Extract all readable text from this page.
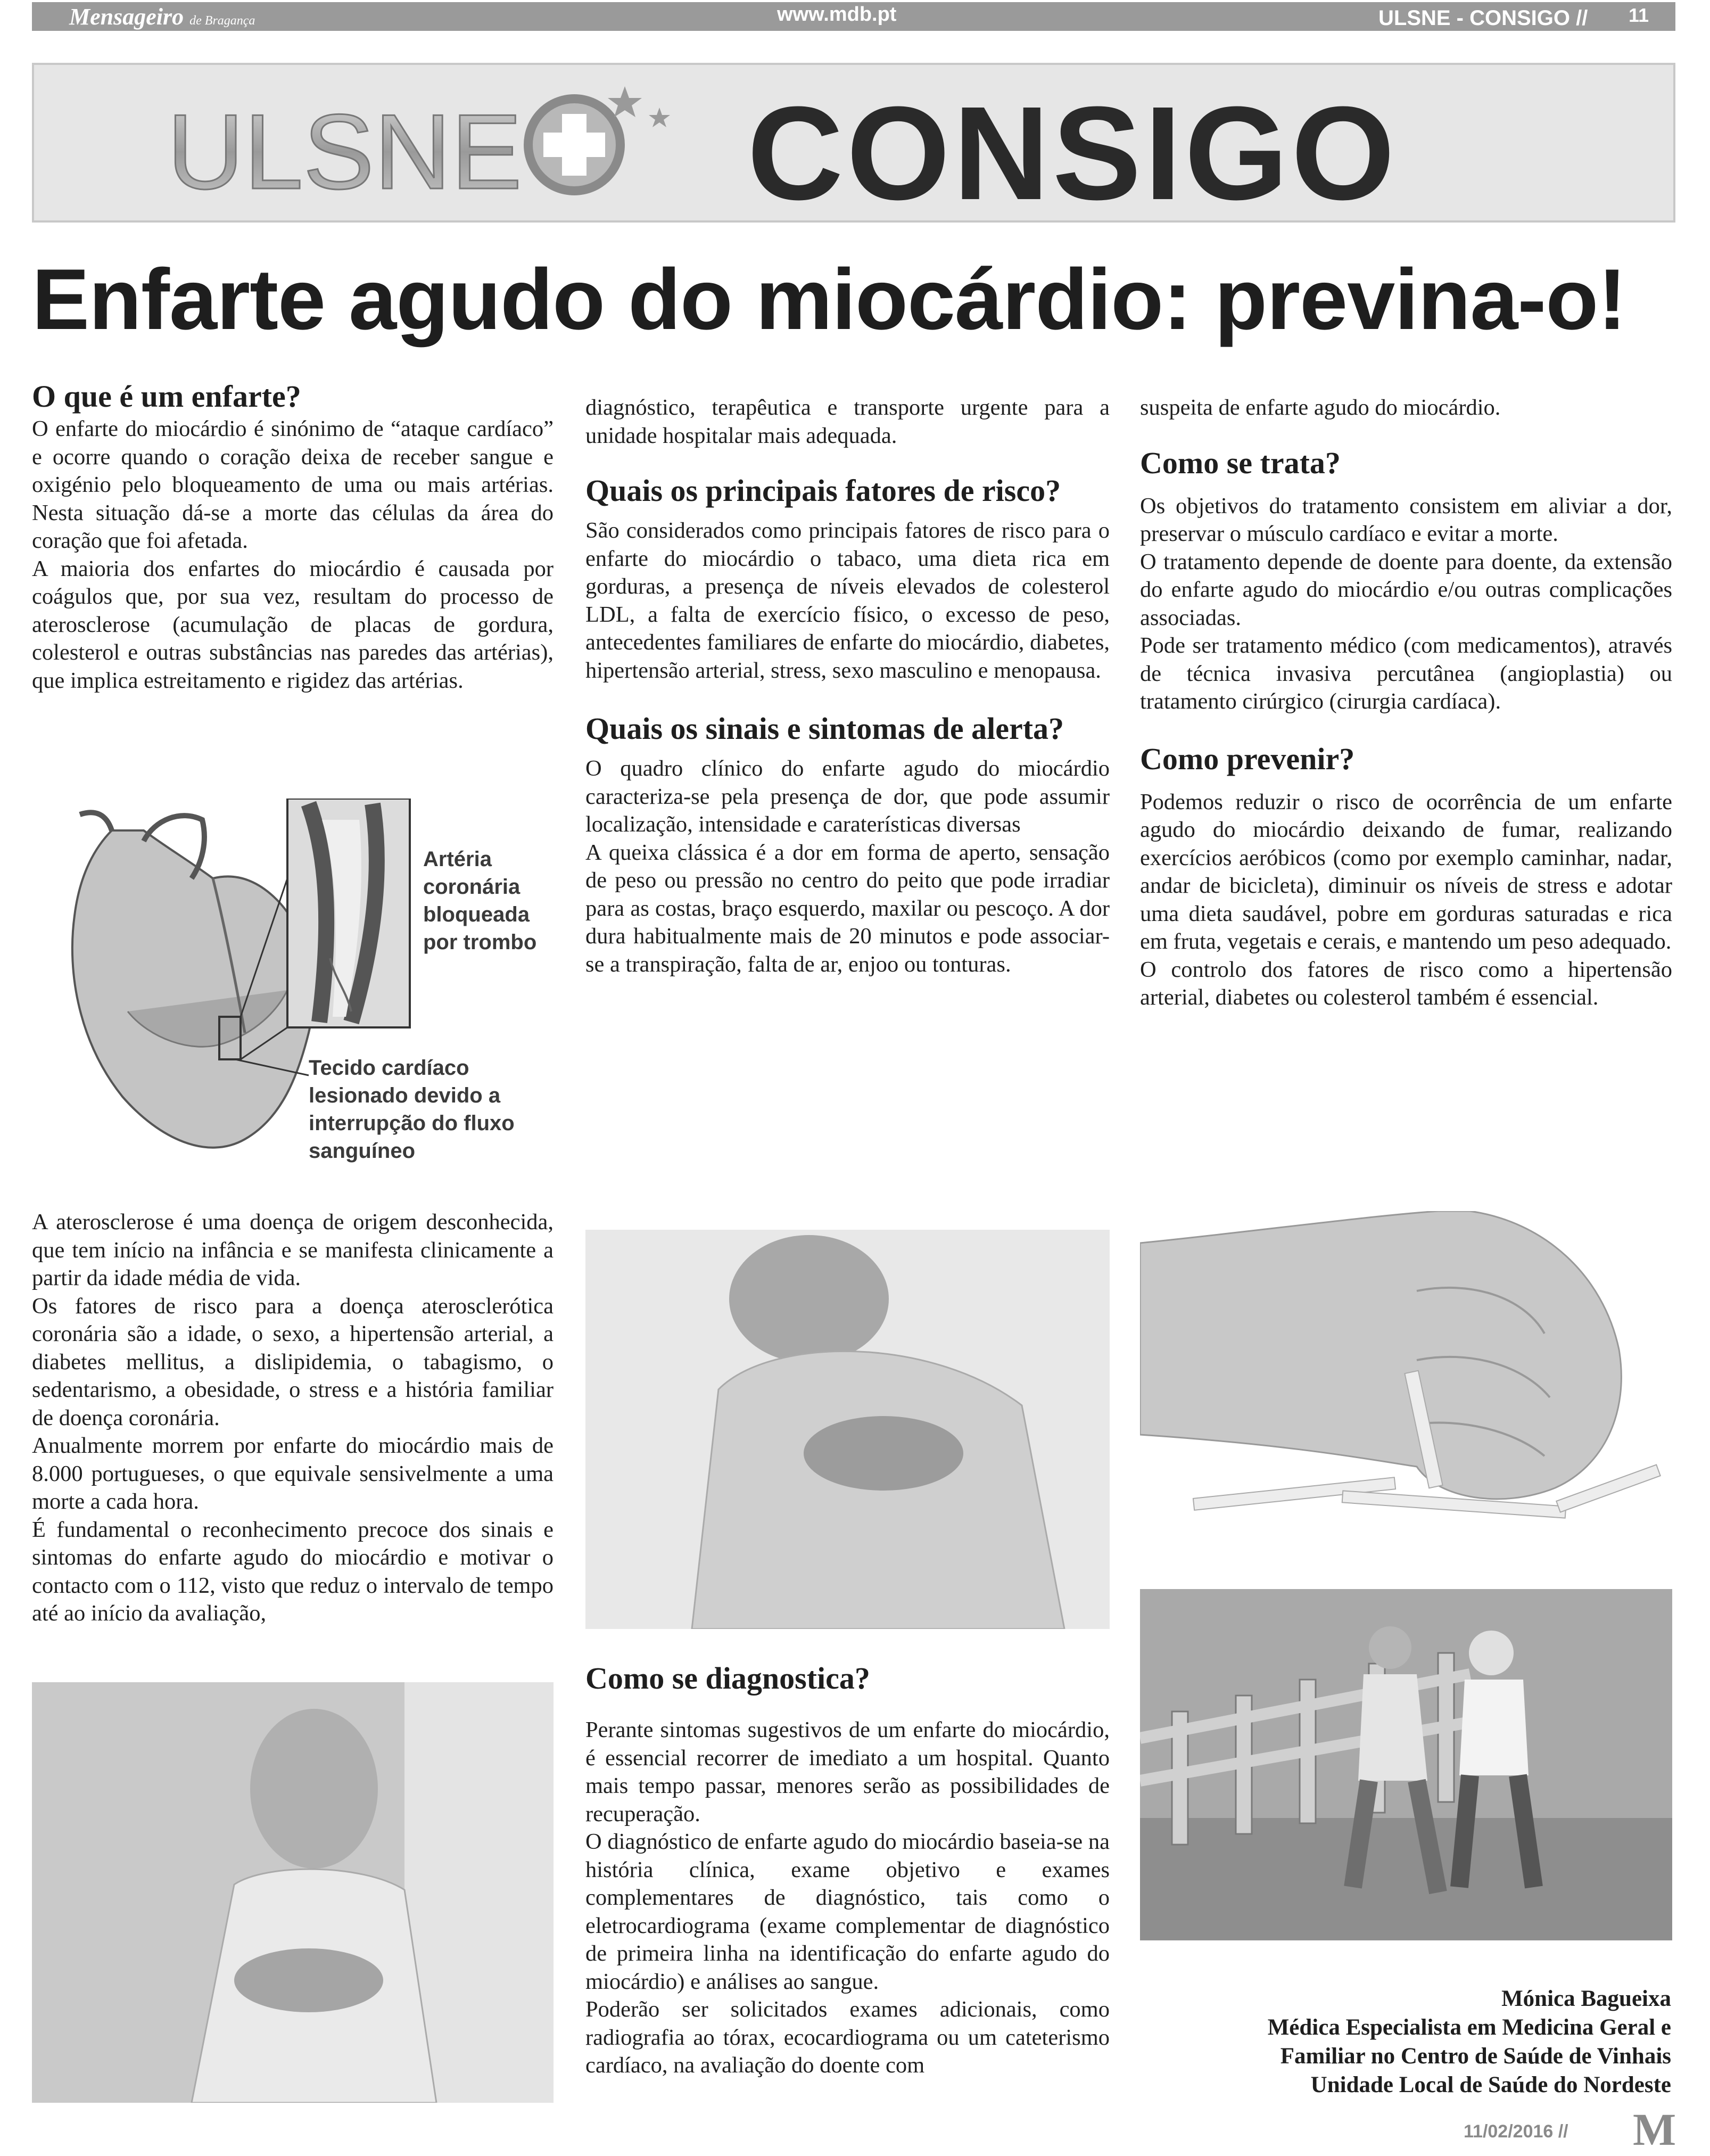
Mensageiro de Bragança	www.mdb.pt	ULSNE - CONSIGO // 11
ULSNE CONSIGO
Enfarte agudo do miocárdio: previna-o!
O que é um enfarte?

O enfarte do miocárdio é sinónimo de “ataque cardíaco” e ocorre quando o coração deixa de receber sangue e oxigénio pelo bloqueamento de uma ou mais artérias. Nesta situação dá-se a morte das células da área do coração que foi afetada.

A maioria dos enfartes do miocárdio é causada por coágulos que, por sua vez, resultam do processo de aterosclerose (acumulação de placas de gordura, colesterol e outras substâncias nas paredes das artérias), que implica estreitamento e rigidez das artérias.

Artéria coronária bloqueada por trombo
Tecido cardíaco lesionado devido a interrupção do fluxo sanguíneo

A aterosclerose é uma doença de origem desconhecida, que tem início na infância e se manifesta clinicamente a partir da idade média de vida.

Os fatores de risco para a doença aterosclerótica coronária são a idade, o sexo, a hipertensão arterial, a diabetes mellitus, a dislipidemia, o tabagismo, o sedentarismo, a obesidade, o stress e a história familiar de doença coronária.

Anualmente morrem por enfarte do miocárdio mais de 8.000 portugueses, o que equivale sensivelmente a uma morte a cada hora.

É fundamental o reconhecimento precoce dos sinais e sintomas do enfarte agudo do miocárdio e motivar o contacto com o 112, visto que reduz o intervalo de tempo até ao início da avaliação,

diagnóstico, terapêutica e transporte urgente para a unidade hospitalar mais adequada.
Quais os principais fatores de risco?
São considerados como principais fatores de risco para o enfarte do miocárdio o tabaco, uma dieta rica em gorduras, a presença de níveis elevados de colesterol LDL, a falta de exercício físico, o excesso de peso, antecedentes familiares de enfarte do miocárdio, diabetes, hipertensão arterial, stress, sexo masculino e menopausa.
Quais os sinais e sintomas de alerta?

O quadro clínico do enfarte agudo do miocárdio caracteriza-se pela presença de dor, que pode assumir localização, intensidade e caraterísticas diversas

A queixa clássica é a dor em forma de aperto, sensação de peso ou pressão no centro do peito que pode irradiar para as costas, braço esquerdo, maxilar ou pescoço. A dor dura habitualmente mais de 20 minutos e pode associar-se a transpiração, falta de ar, enjoo ou tonturas.

Como se diagnostica?

Perante sintomas sugestivos de um enfarte do miocárdio, é essencial recorrer de imediato a um hospital. Quanto mais tempo passar, menores serão as possibilidades de recuperação.

O diagnóstico de enfarte agudo do miocárdio baseia-se na história clínica, exame objetivo e exames complementares de diagnóstico, tais como o eletrocardiograma (exame complementar de diagnóstico de primeira linha na identificação do enfarte agudo do miocárdio) e análises ao sangue.

Poderão ser solicitados exames adicionais, como radiografia ao tórax, ecocardiograma ou um cateterismo cardíaco, na avaliação do doente com

suspeita de enfarte agudo do miocárdio.
Como se trata?

Os objetivos do tratamento consistem em aliviar a dor, preservar o músculo cardíaco e evitar a morte.

O tratamento depende de doente para doente, da extensão do enfarte agudo do miocárdio e/ou outras complicações associadas.

Pode ser tratamento médico (com medicamentos), através de técnica invasiva percutânea (angioplastia) ou tratamento cirúrgico (cirurgia cardíaca).

Como prevenir?

Podemos reduzir o risco de ocorrência de um enfarte agudo do miocárdio deixando de fumar, realizando exercícios aeróbicos (como por exemplo caminhar, nadar, andar de bicicleta), diminuir os níveis de stress e adotar uma dieta saudável, pobre em gorduras saturadas e rica em fruta, vegetais e cerais, e mantendo um peso adequado.

O controlo dos fatores de risco como a hipertensão arterial, diabetes ou colesterol também é essencial.

Mónica Bagueixa
Médica Especialista em Medicina Geral e
Familiar no Centro de Saúde de Vinhais
Unidade Local de Saúde do Nordeste
11/02/2016 // M
